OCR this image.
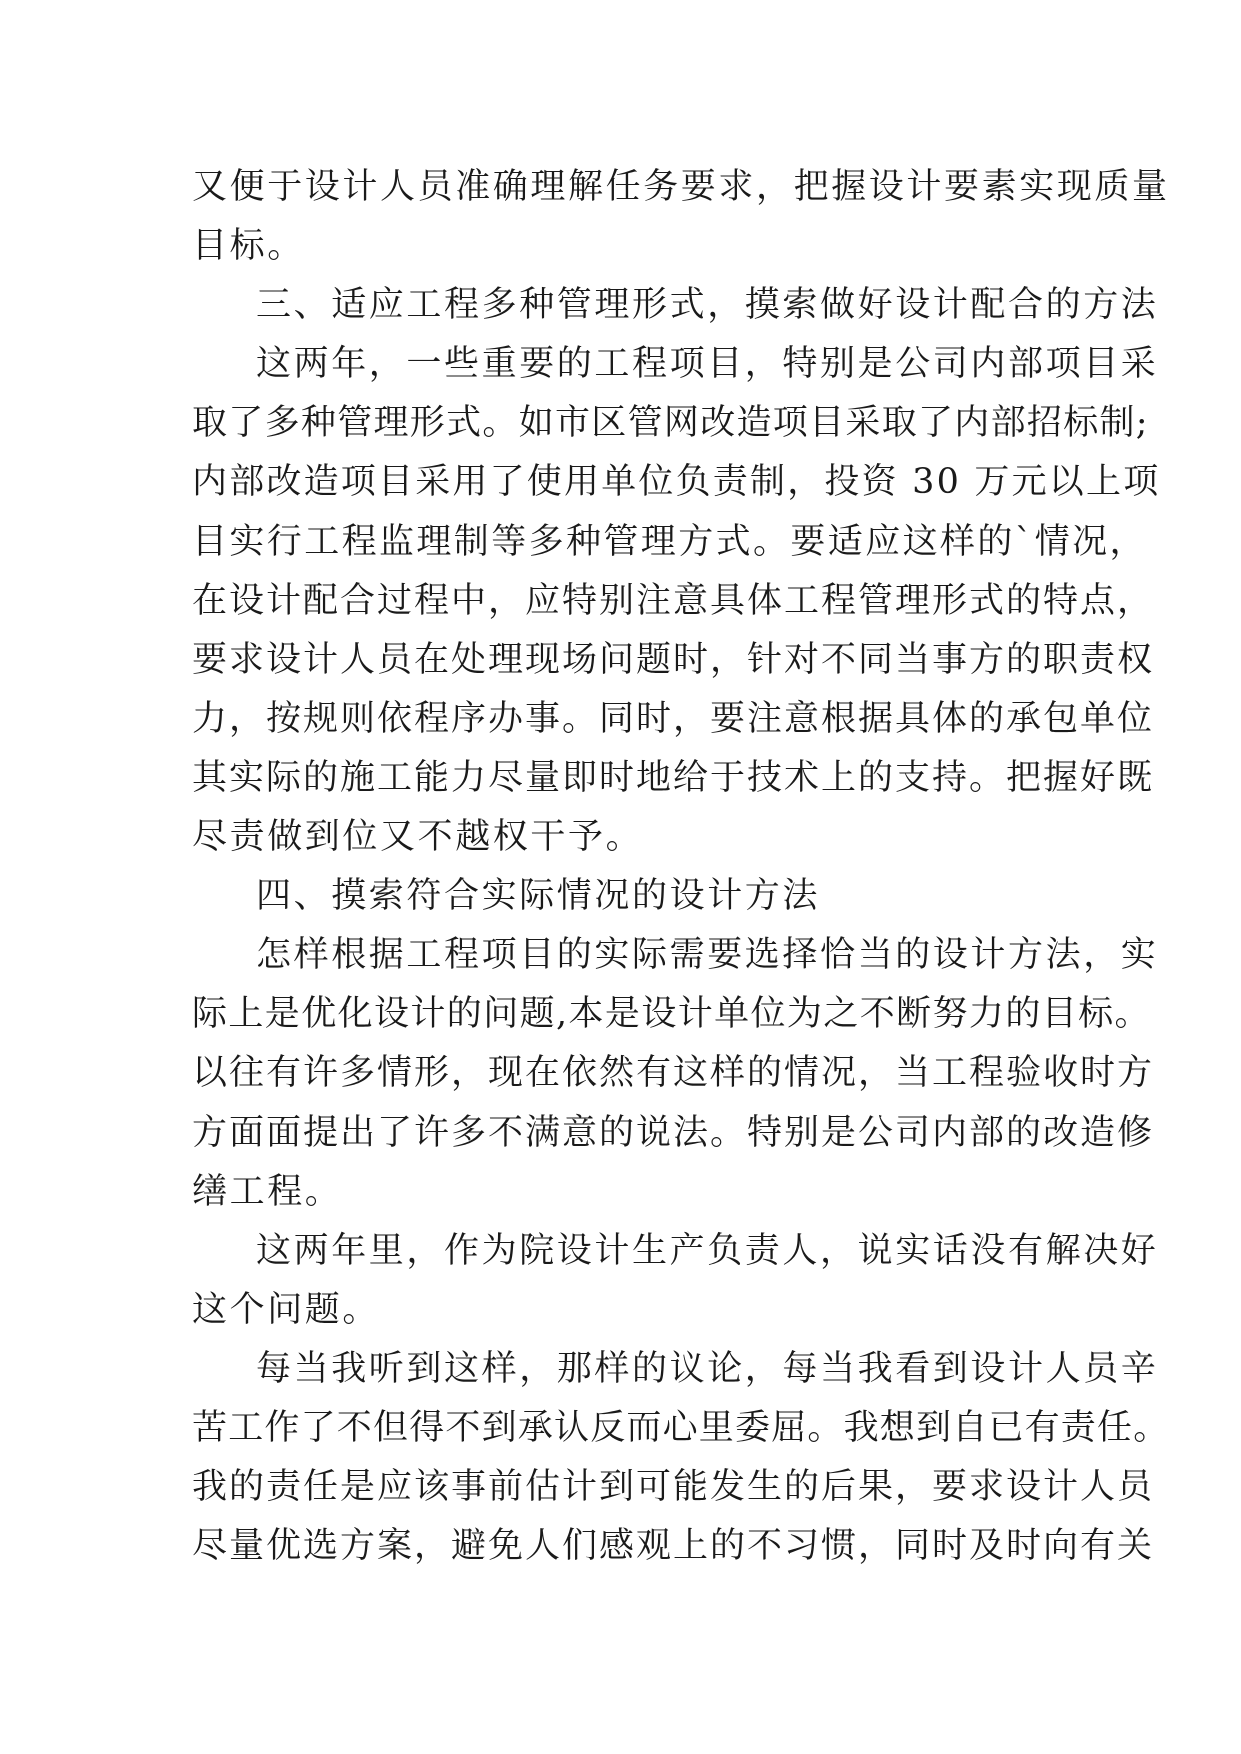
又便于设计人员准确理解任务要求，把握设计要素实现质量
目标。
三、适应工程多种管理形式，摸索做好设计配合的方法
这两年，一些重要的工程项目，特别是公司内部项目采
取了多种管理形式。如市区管网改造项目采取了内部招标制;
内部改造项目采用了使用单位负责制，投资 30 万元以上项
目实行工程监理制等多种管理方式。要适应这样的`情况，
在设计配合过程中，应特别注意具体工程管理形式的特点，
要求设计人员在处理现场问题时，针对不同当事方的职责权
力，按规则依程序办事。同时，要注意根据具体的承包单位
其实际的施工能力尽量即时地给于技术上的支持。把握好既
尽责做到位又不越权干予。
四、摸索符合实际情况的设计方法
怎样根据工程项目的实际需要选择恰当的设计方法，实
际上是优化设计的问题,本是设计单位为之不断努力的目标。
以往有许多情形，现在依然有这样的情况，当工程验收时方
方面面提出了许多不满意的说法。特别是公司内部的改造修
缮工程。
这两年里，作为院设计生产负责人，说实话没有解决好
这个问题。
每当我听到这样，那样的议论，每当我看到设计人员辛
苦工作了不但得不到承认反而心里委屈。我想到自已有责任。
我的责任是应该事前估计到可能发生的后果，要求设计人员
尽量优选方案，避免人们感观上的不习惯，同时及时向有关
